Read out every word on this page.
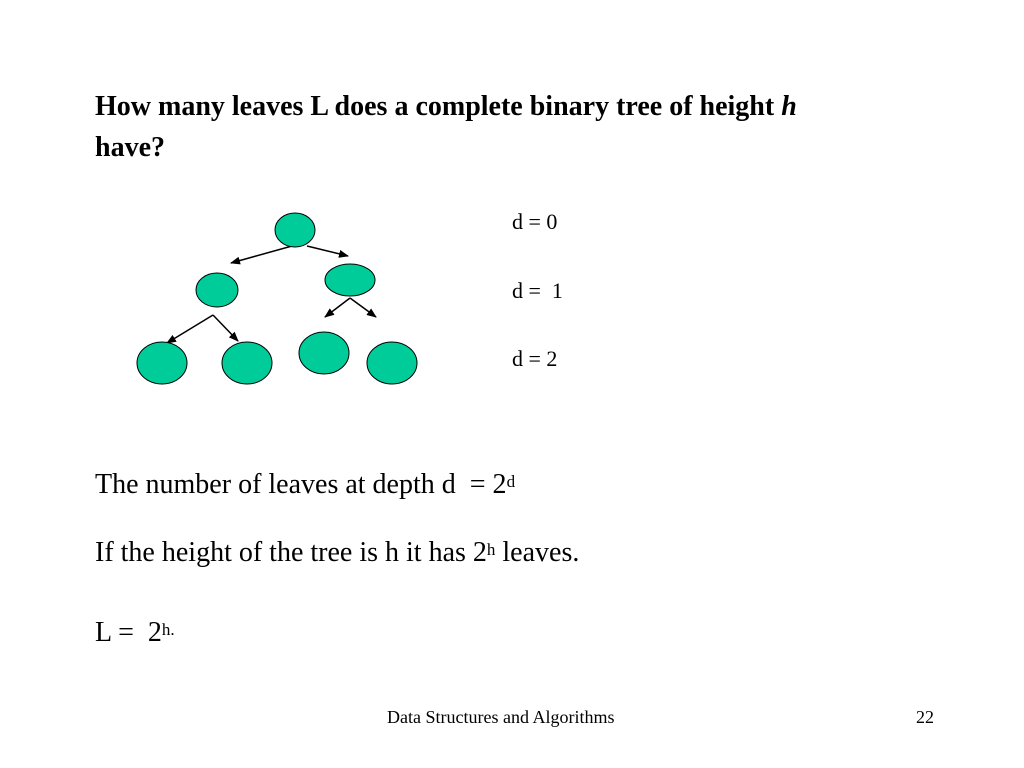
How many leaves L does a complete binary tree of height h
have?
d = 0
d =  1
d = 2
The number of leaves at depth $d = 2^d$
If the height of the tree is h it has 2$^h$ leaves.
$L = 2^{h.}$
Data Structures and Algorithms	22
